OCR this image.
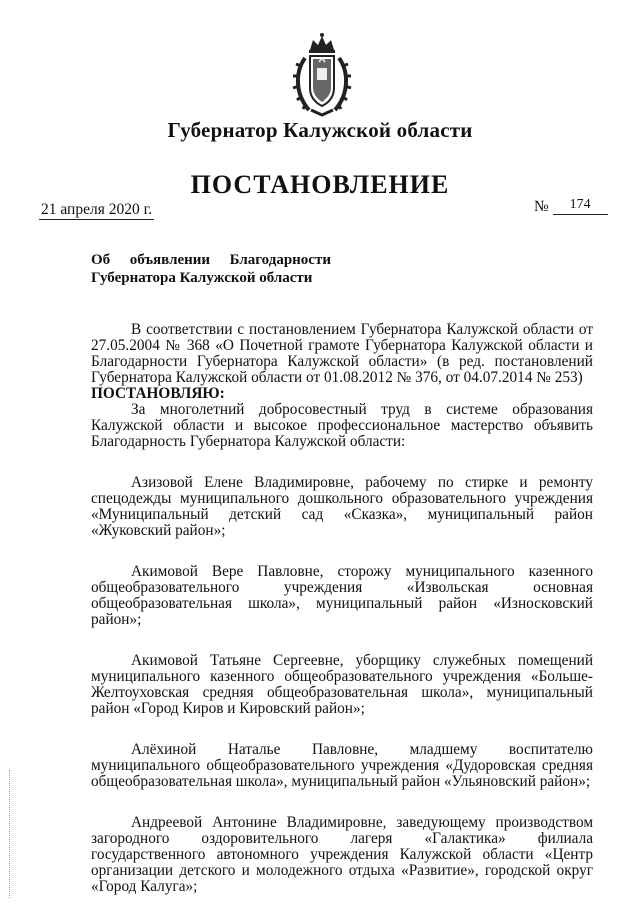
Губернатор Калужской области
ПОСТАНОВЛЕНИЕ
21 апреля 2020 г.	№ 174
Об объявлении Благодарности
Губернатора Калужской области

В соответствии с постановлением Губернатора Калужской области от 27.05.2004 № 368 «О Почетной грамоте Губернатора Калужской области и Благодарности Губернатора Калужской области» (в ред. постановлений Губернатора Калужской области от 01.08.2012 № 376, от 04.07.2014 № 253)

ПОСТАНОВЛЯЮ:

За многолетний добросовестный труд в системе образования Калужской области и высокое профессиональное мастерство объявить Благодарность Губернатора Калужской области:

Азизовой Елене Владимировне, рабочему по стирке и ремонту спецодежды муниципального дошкольного образовательного учреждения «Муниципальный детский сад «Сказка», муниципальный район «Жуковский район»;

Акимовой Вере Павловне, сторожу муниципального казенного общеобразовательного учреждения «Извольская основная общеобразовательная школа», муниципальный район «Износковский район»;

Акимовой Татьяне Сергеевне, уборщику служебных помещений муниципального казенного общеобразовательного учреждения «Больше-Желтоуховская средняя общеобразовательная школа», муниципальный район «Город Киров и Кировский район»;

Алёхиной Наталье Павловне, младшему воспитателю муниципального общеобразовательного учреждения «Дудоровская средняя общеобразовательная школа», муниципальный район «Ульяновский район»;

Андреевой Антонине Владимировне, заведующему производством загородного оздоровительного лагеря «Галактика» филиала государственного автономного учреждения Калужской области «Центр организации детского и молодежного отдыха «Развитие», городской округ «Город Калуга»;
